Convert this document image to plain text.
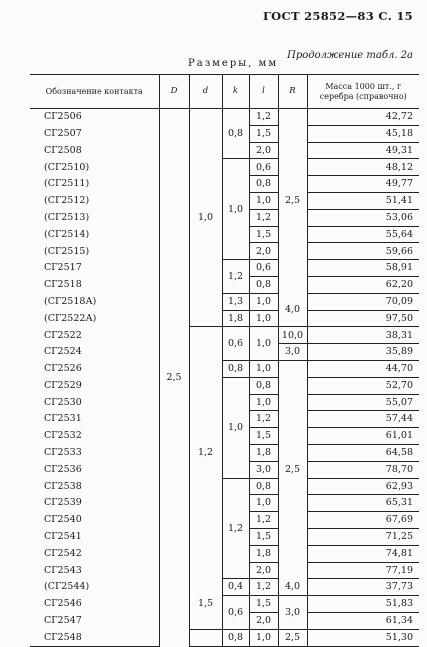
ГОСТ 25852—83 С. 15
Продолжение табл. 2а
Размеры, мм
Обозначение контакта	D	d	k	l	R	Масса 1000 шт., г
серебра (справочно)
СГ2506	2,5	1,0	0,8	1,2	2,5	42,72
СГ2507				1,5		45,18
СГ2508				2,0		49,31
(СГ2510)			1,0	0,6		48,12
(СГ2511)				0,8		49,77
(СГ2512)				1,0		51,41
(СГ2513)				1,2		53,06
(СГ2514)				1,5		55,64
(СГ2515)				2,0		59,66
СГ2517			1,2	0,6		58,91
СГ2518				0,8		62,20
(СГ2518А)			1,3	1,0	4,0	70,09
(СГ2522А)			1,8	1,0		97,50
СГ2522		1,2	0,6	1,0	10,0	38,31
СГ2524					3,0	35,89
СГ2526			0,8	1,0	2,5	44,70
СГ2529			1,0	0,8		52,70
СГ2530				1,0		55,07
СГ2531				1,2		57,44
СГ2532				1,5		61,01
СГ2533				1,8		64,58
СГ2536				3,0		78,70
СГ2538			1,2	0,8		62,93
СГ2539				1,0		65,31
СГ2540				1,2		67,69
СГ2541				1,5		71,25
СГ2542				1,8		74,81
СГ2543				2,0		77,19
(СГ2544)		1,5	0,4	1,2	4,0	37,73
СГ2546			0,6	1,5	3,0	51,83
СГ2547				2,0		61,34
СГ2548			0,8	1,0	2,5	51,30
